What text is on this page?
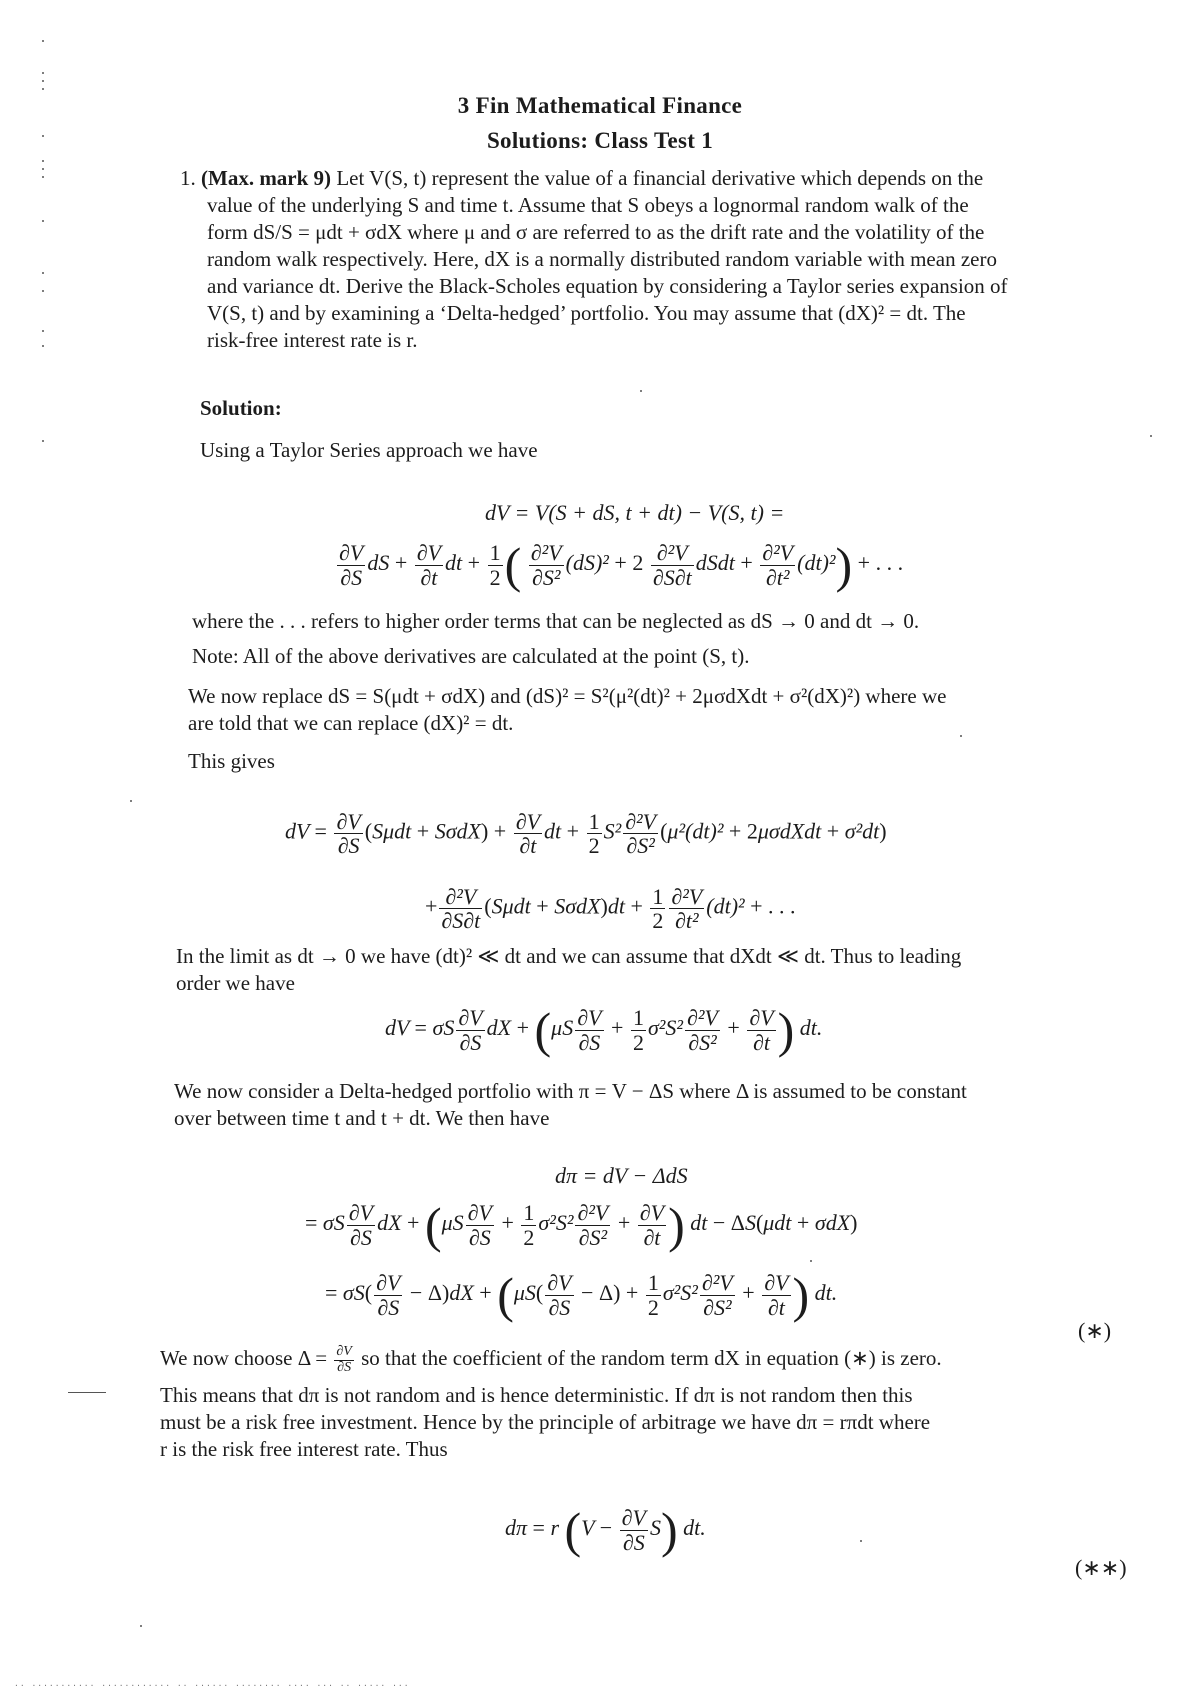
3 Fin Mathematical Finance
Solutions: Class Test 1
1. (Max. mark 9) Let V(S, t) represent the value of a financial derivative which depends on the
value of the underlying S and time t. Assume that S obeys a lognormal random walk of the
form dS/S = μdt + σdX where μ and σ are referred to as the drift rate and the volatility of the
random walk respectively. Here, dX is a normally distributed random variable with mean zero
and variance dt. Derive the Black-Scholes equation by considering a Taylor series expansion of
V(S, t) and by examining a ‘Delta-hedged’ portfolio. You may assume that (dX)² = dt. The
risk-free interest rate is r.
Solution:
Using a Taylor Series approach we have
dV = V(S + dS, t + dt) − V(S, t) =
$\frac{\partial V}{\partial S}$ dS + $\frac{\partial V}{\partial t}$ dt + $\frac{1}{2}$ ( $\frac{\text{∂²V}}{\text{∂S²}} (dS)^2 + 2 \frac{\text{∂²V}}{\partial S\partial t}$ dSdt + $\frac{\text{∂²V}}{\text{∂t²}} (dt)^2$) + . . .
where the . . . refers to higher order terms that can be neglected as dS → 0 and dt → 0.
Note: All of the above derivatives are calculated at the point (S, t).
We now replace dS = S(μdt + σdX) and (dS)² = S²(μ²(dt)² + 2μσdXdt + σ²(dX)²) where we
are told that we can replace (dX)² = dt.
This gives
dV = $\frac{\partial V}{\partial S} (S\mu dt + S\sigma dX) + \frac{\partial V}{\partial t}$ dt + $\frac{1}{2} S^2 \frac{\text{∂²V}}{\text{∂S²}} (\mu^2(dt)^2$ + 2μσdXdt + σ²dt)
+ $\frac{\text{∂²V}}{\partial S\partial t} (S\mu dt + S\sigma dX)dt + \frac{1}{2} \frac{\text{∂²V}}{\text{∂t²}} (dt)^2$ + . . .
In the limit as dt → 0 we have (dt)² ≪ dt and we can assume that dXdt ≪ dt. Thus to leading
order we have
dV = σS $\frac{\partial V}{\partial S}$ dX + ($\mu S \frac{\partial V}{\partial S} + \frac{1}{2} \sigma^2S^2 \frac{\text{∂²V}}{\text{∂S²}} + \frac{\partial V}{\partial t}$ ) dt.
We now consider a Delta-hedged portfolio with π = V − ΔS where Δ is assumed to be constant
over between time t and t + dt. We then have
dπ = dV − ΔdS
= σS $\frac{\partial V}{\partial S}$ dX + ($\mu S \frac{\partial V}{\partial S} + \frac{1}{2} \sigma^2S^2 \frac{\text{∂²V}}{\text{∂S²}} + \frac{\partial V}{\partial t}$ ) dt − ΔS(μdt + σdX)
= $\sigma S( \frac{\partial V}{\partial S} - \Delta)dX + (\mu S( \frac{\partial V}{\partial S} - \Delta) + \frac{1}{2} \sigma^2S^2 \frac{\text{∂²V}}{\text{∂S²}} + \frac{\partial V}{\partial t}$ ) dt.
(∗)
We now choose $\Delta = \frac{\partial V}{\partial S}$ so that the coefficient of the random term dX in equation (∗) is zero.
This means that dπ is not random and is hence deterministic. If dπ is not random then this
must be a risk free investment. Hence by the principle of arbitrage we have dπ = rπdt where
r is the risk free interest rate. Thus
dπ = r $(V - \frac{\partial V}{\partial S} S)$ dt.
(∗∗)
·· ··········· ············ ·· ······ ········ ···· ··· ·· ····· ···
